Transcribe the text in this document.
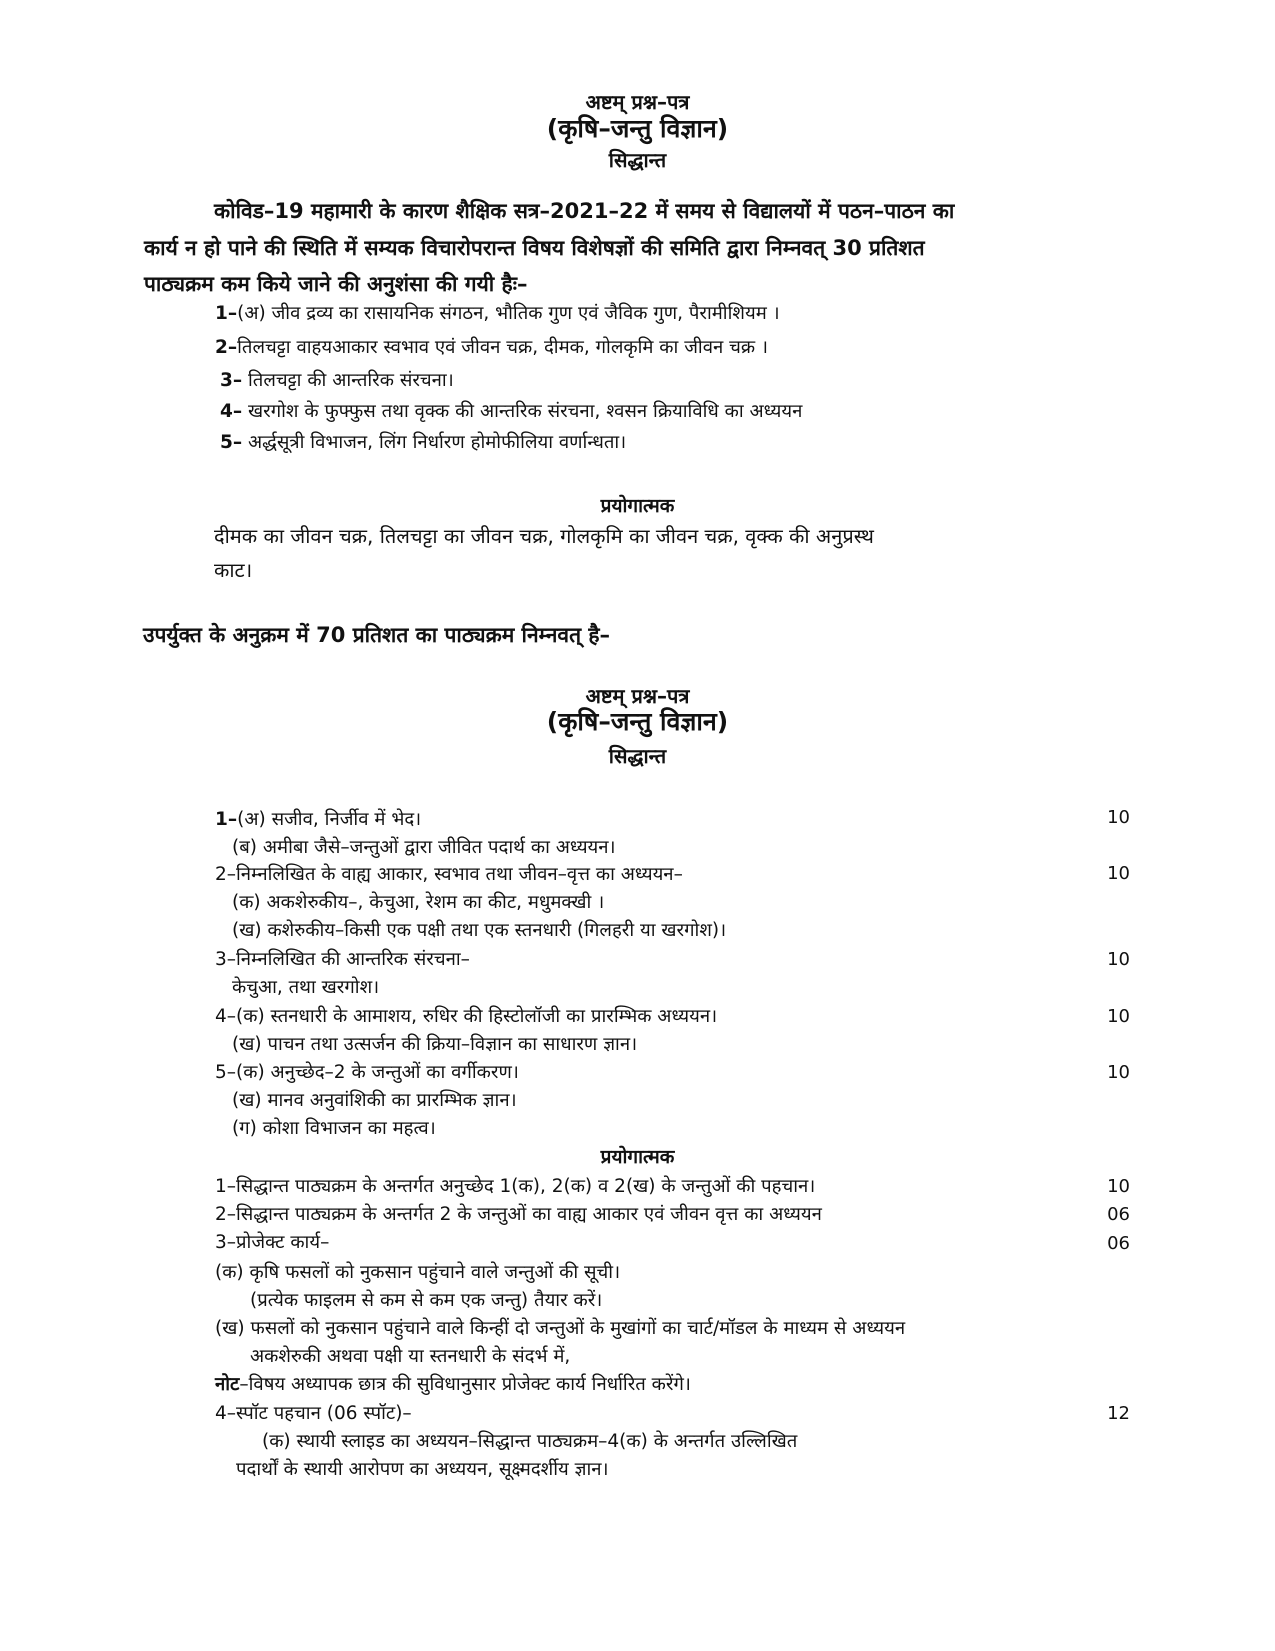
अष्टम् प्रश्न–पत्र
(कृषि–जन्तु विज्ञान)
सिद्धान्त
कोविड–19 महामारी के कारण शैक्षिक सत्र–2021–22 में समय से विद्यालयों में पठन–पाठन का
कार्य न हो पाने की स्थिति में सम्यक विचारोपरान्त विषय विशेषज्ञों की समिति द्वारा निम्नवत् 30 प्रतिशत
पाठ्यक्रम कम किये जाने की अनुशंसा की गयी हैः–
1–(अ) जीव द्रव्य का रासायनिक संगठन, भौतिक गुण एवं जैविक गुण, पैरामीशियम ।
2–तिलचट्टा वाहयआकार स्वभाव एवं जीवन चक्र, दीमक, गोलकृमि का जीवन चक्र ।
3– तिलचट्टा की आन्तरिक संरचना।
4– खरगोश के फुफ्फुस तथा वृक्क की आन्तरिक संरचना, श्वसन क्रियाविधि का अध्ययन
5– अर्द्धसूत्री विभाजन, लिंग निर्धारण होमोफीलिया वर्णान्धता।
प्रयोगात्मक
दीमक का जीवन चक्र, तिलचट्टा का जीवन चक्र, गोलकृमि का जीवन चक्र, वृक्क की अनुप्रस्थ
काट।
उपर्युक्त के अनुक्रम में 70 प्रतिशत का पाठ्यक्रम निम्नवत् है–
अष्टम् प्रश्न–पत्र
(कृषि–जन्तु विज्ञान)
सिद्धान्त
1–(अ) सजीव, निर्जीव में भेद।	10
(ब) अमीबा जैसे–जन्तुओं द्वारा जीवित पदार्थ का अध्ययन।
2–निम्नलिखित के वाह्य आकार, स्वभाव तथा जीवन–वृत्त का अध्ययन–	10
(क) अकशेरुकीय–, केचुआ, रेशम का कीट, मधुमक्खी ।
(ख) कशेरुकीय–किसी एक पक्षी तथा एक स्तनधारी (गिलहरी या खरगोश)।
3–निम्नलिखित की आन्तरिक संरचना–	10
केचुआ, तथा खरगोश।
4–(क) स्तनधारी के आमाशय, रुधिर की हिस्टोलॉजी का प्रारम्भिक अध्ययन।	10
(ख) पाचन तथा उत्सर्जन की क्रिया–विज्ञान का साधारण ज्ञान।
5–(क) अनुच्छेद–2 के जन्तुओं का वर्गीकरण।	10
(ख) मानव अनुवांशिकी का प्रारम्भिक ज्ञान।
(ग) कोशा विभाजन का महत्व।
प्रयोगात्मक
1–सिद्धान्त पाठ्यक्रम के अन्तर्गत अनुच्छेद 1(क), 2(क) व 2(ख) के जन्तुओं की पहचान।	10
2–सिद्धान्त पाठ्यक्रम के अन्तर्गत 2 के जन्तुओं का वाह्य आकार एवं जीवन वृत्त का अध्ययन	06
3–प्रोजेक्ट कार्य–	06
(क) कृषि फसलों को नुकसान पहुंचाने वाले जन्तुओं की सूची।
(प्रत्येक फाइलम से कम से कम एक जन्तु) तैयार करें।
(ख) फसलों को नुकसान पहुंचाने वाले किन्हीं दो जन्तुओं के मुखांगों का चार्ट/मॉडल के माध्यम से अध्ययन
अकशेरुकी अथवा पक्षी या स्तनधारी के संदर्भ में,
नोट–विषय अध्यापक छात्र की सुविधानुसार प्रोजेक्ट कार्य निर्धारित करेंगे।
4–स्पॉट पहचान (06 स्पॉट)–	12
(क) स्थायी स्लाइड का अध्ययन–सिद्धान्त पाठ्यक्रम–4(क) के अन्तर्गत उल्लिखित
पदार्थों के स्थायी आरोपण का अध्ययन, सूक्ष्मदर्शीय ज्ञान।
